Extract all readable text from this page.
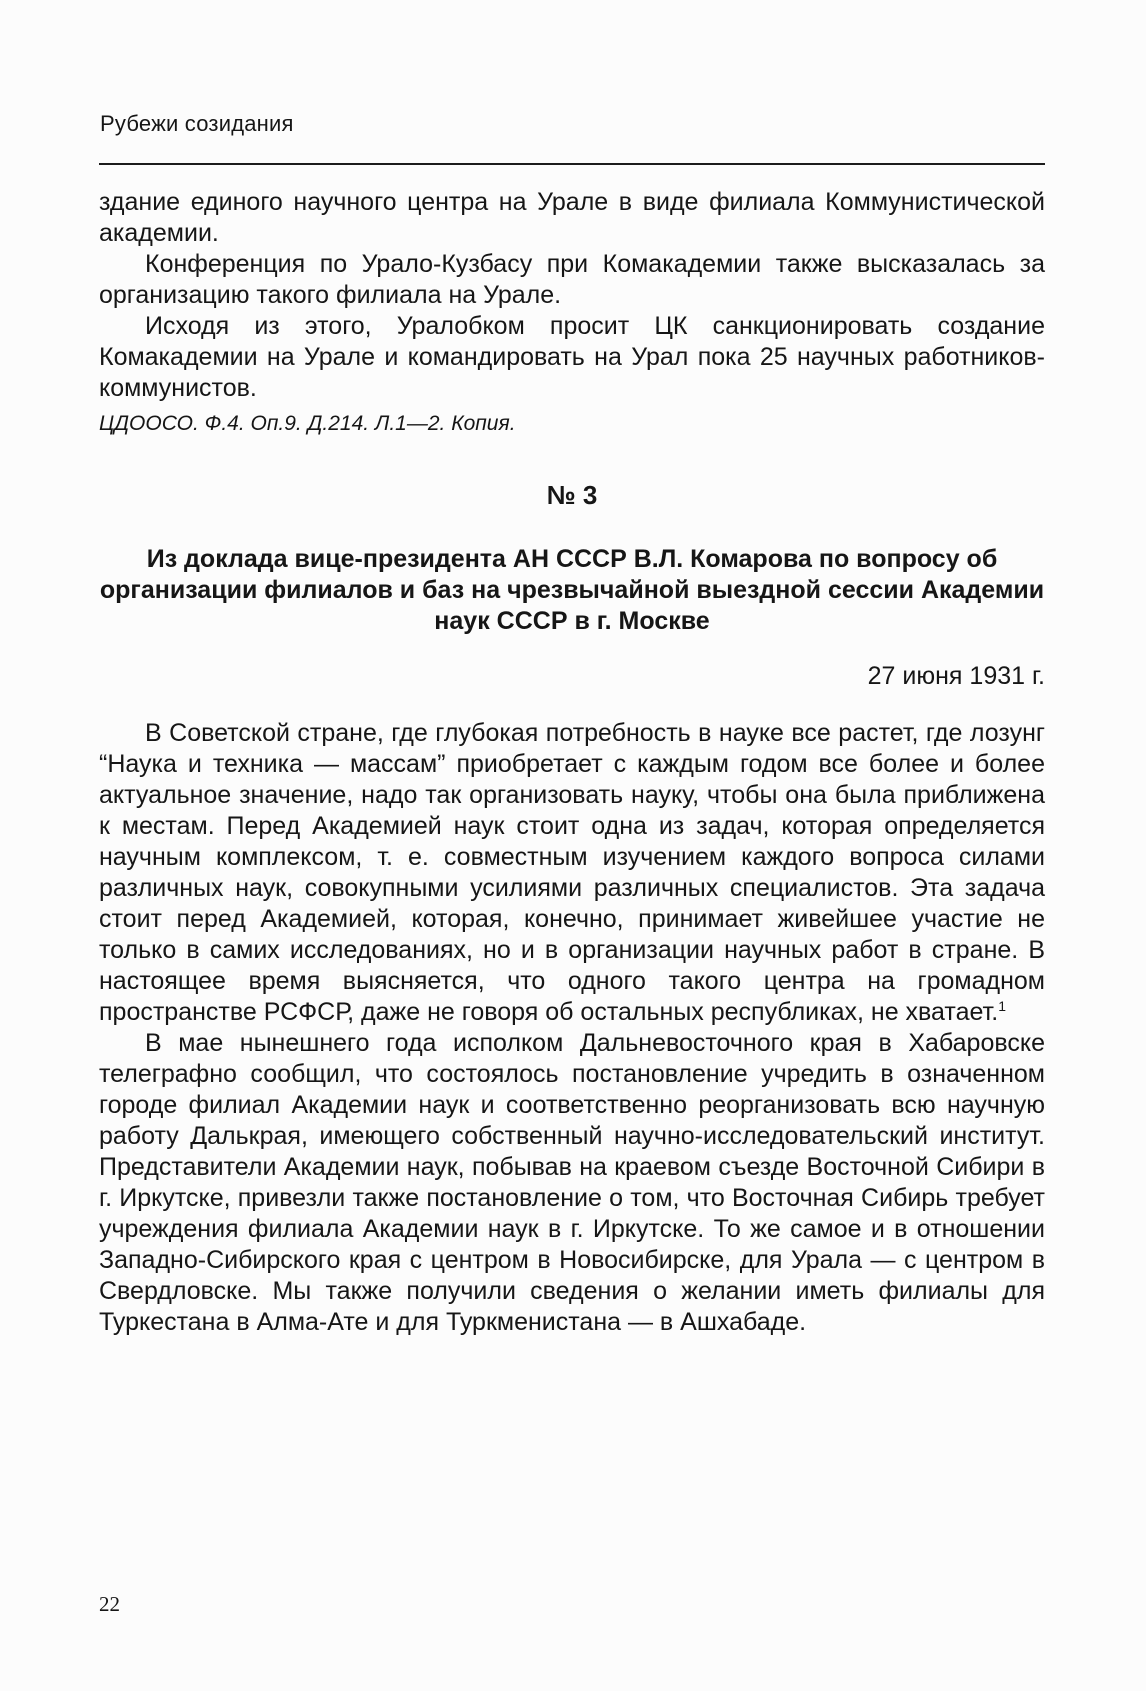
Рубежи созидания

здание единого научного центра на Урале в виде филиала Коммунистической академии.

Конференция по Урало-Кузбасу при Комакадемии также высказалась за организацию такого филиала на Урале.

Исходя из этого, Уралобком просит ЦК санкционировать создание Комакадемии на Урале и командировать на Урал пока 25 научных работников-коммунистов.

ЦДООСО. Ф.4. Оп.9. Д.214. Л.1—2. Копия.

№ 3
Из доклада вице-президента АН СССР В.Л. Комарова по вопросу об организации филиалов и баз на чрезвычайной выездной сессии Академии наук СССР в г. Москве
27 июня 1931 г.

В Советской стране, где глубокая потребность в науке все растет, где лозунг “Наука и техника — массам” приобретает с каждым годом все более и более актуальное значение, надо так организовать науку, чтобы она была приближена к местам. Перед Академией наук стоит одна из задач, которая определяется научным комплексом, т. е. совместным изучением каждого вопроса силами различных наук, совокупными усилиями различных специалистов. Эта задача стоит перед Академией, которая, конечно, принимает живейшее участие не только в самих исследованиях, но и в организации научных работ в стране. В настоящее время выясняется, что одного такого центра на громадном пространстве РСФСР, даже не говоря об остальных республиках, не хватает.$^1$

В мае нынешнего года исполком Дальневосточного края в Хабаровске телеграфно сообщил, что состоялось постановление учредить в означенном городе филиал Академии наук и соответственно реорганизовать всю научную работу Далькрая, имеющего собственный научно-исследовательский институт. Представители Академии наук, побывав на краевом съезде Восточной Сибири в г. Иркутске, привезли также постановление о том, что Восточная Сибирь требует учреждения филиала Академии наук в г. Иркутске. То же самое и в отношении Западно-Сибирского края с центром в Новосибирске, для Урала — с центром в Свердловске. Мы также получили сведения о желании иметь филиалы для Туркестана в Алма-Ате и для Туркменистана — в Ашхабаде.

22
